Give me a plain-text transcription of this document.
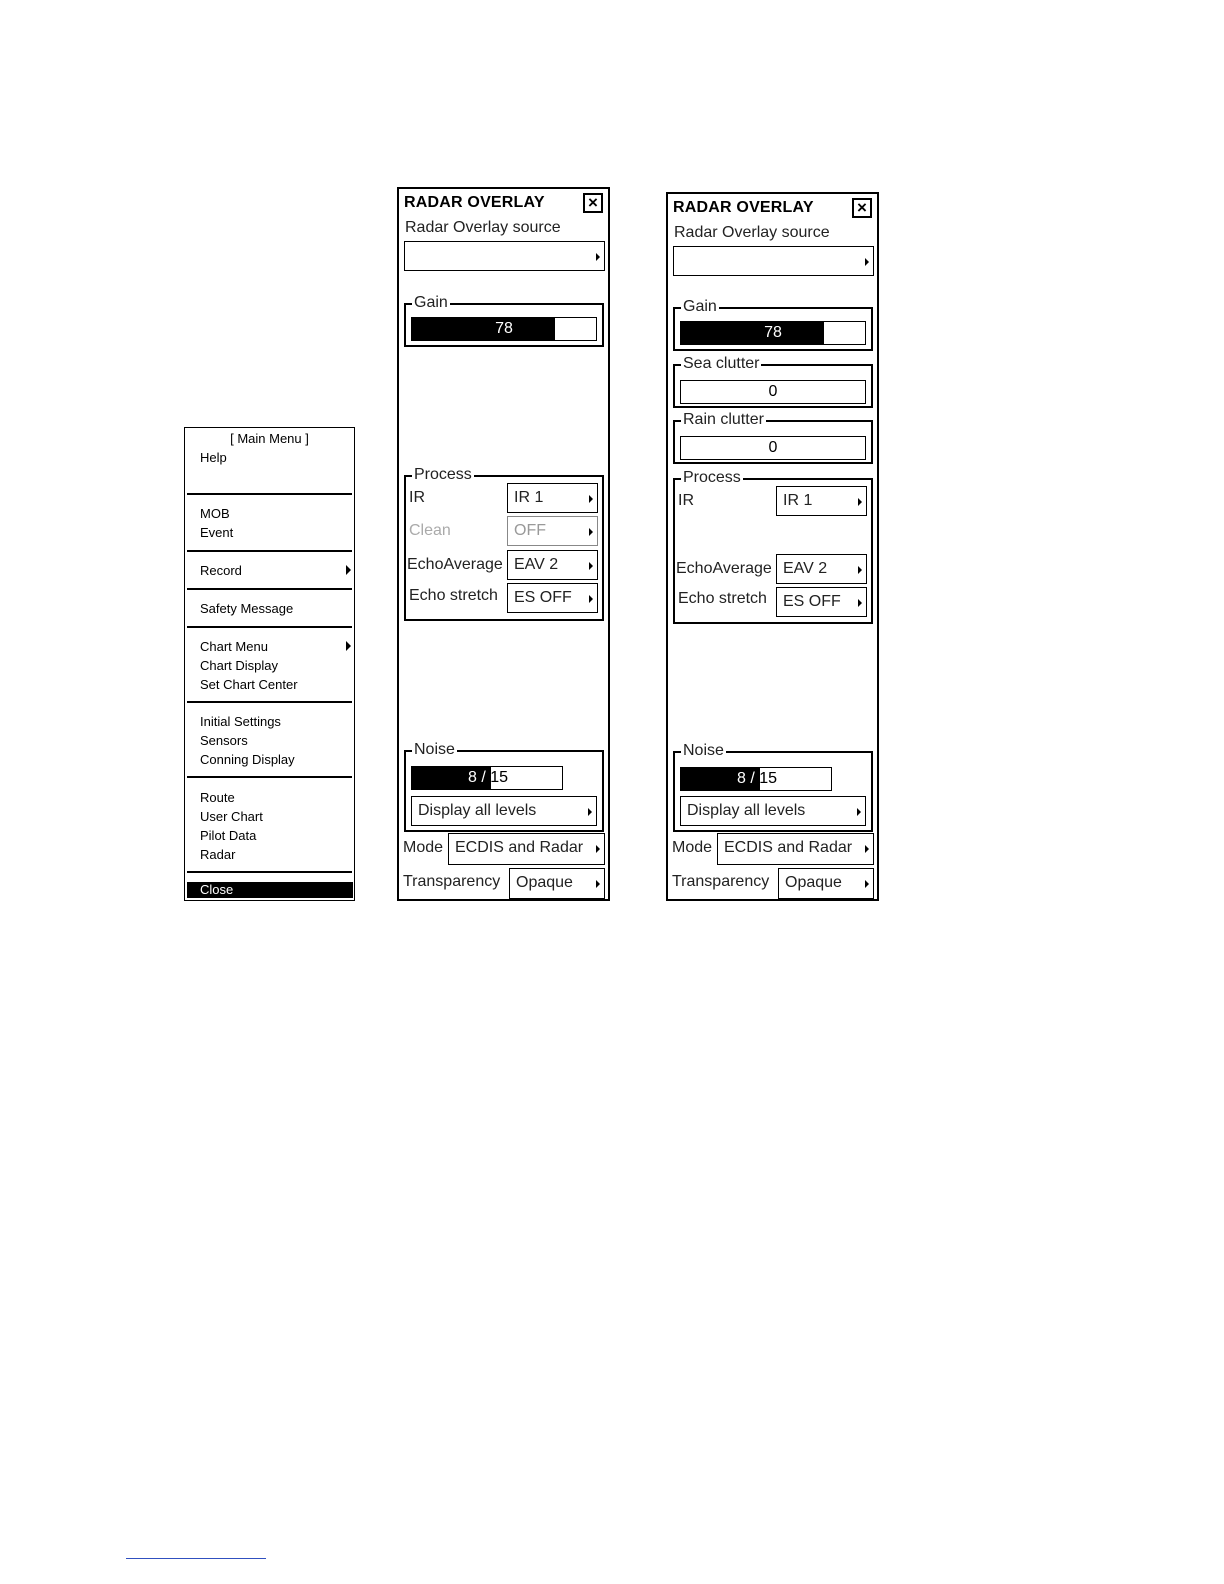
[ Main Menu ]
Help
MOB
Event
Record
Safety Message
Chart Menu
Chart Display
Set Chart Center
Initial Settings
Sensors
Conning Display
Route
User Chart
Pilot Data
Radar
Close
RADAR OVERLAY	×
Radar Overlay source
Gain
78
Process
IR	IR 1
Clean	OFF
EchoAverage EAV 2
Echo stretch	ES OFF
Noise
8 / 15
Display all levels
Mode ECDIS and Radar
Transparency Opaque
RADAR OVERLAY	×
Radar Overlay source
Gain
78
Sea clutter
0
Rain clutter
0
Process
IR	IR 1
EchoAverage EAV 2
Echo stretch	ES OFF
Noise
8 / 15
Display all levels
Mode ECDIS and Radar
Transparency Opaque
